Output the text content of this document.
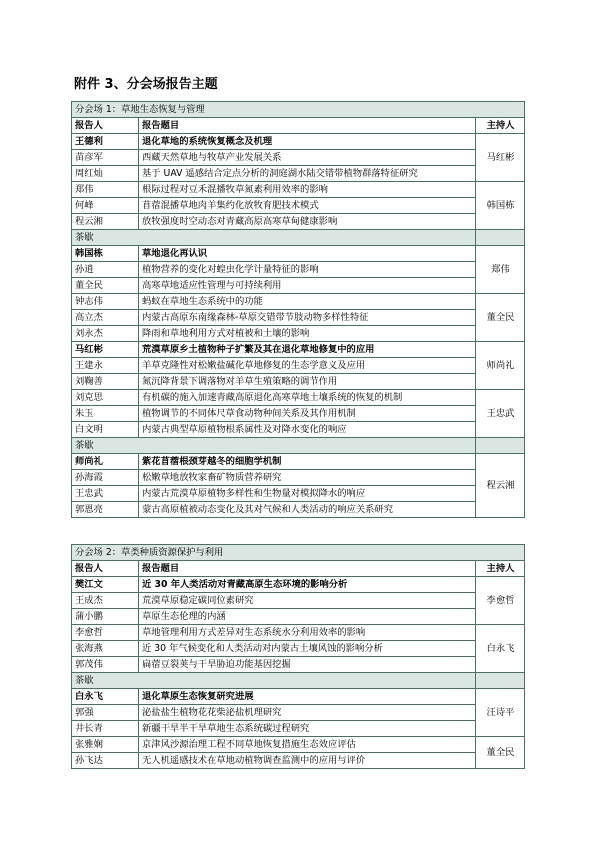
附件 3、分会场报告主题
分会场 1：草地生态恢复与管理		
报告人	报告题目	主持人
王德利	退化草地的系统恢复概念及机理	马红彬
苗彦军	西藏天然草地与牧草产业发展关系	
周红灿	基于 UAV 遥感结合定点分析的洞庭湖水陆交错带植物群落特征研究	
郑伟	根际过程对豆禾混播牧草氮素利用效率的影响	韩国栋
何峰	苜蓿混播草地肉羊集约化放牧育肥技术模式	
程云湘	放牧强度时空动态对青藏高原高寒草甸健康影响	
茶歇		
韩国栋	草地退化再认识	郑伟
孙逍	植物营养的变化对蝗虫化学计量特征的影响	
董全民	高寒草地适应性管理与可持续利用	
钟志伟	蚂蚁在草地生态系统中的功能	董全民
高立杰	内蒙古高原东南缘森林-草原交错带节肢动物多样性特征	
刘永杰	降雨和草地利用方式对植被和土壤的影响	
马红彬	荒漠草原乡土植物种子扩繁及其在退化草地修复中的应用	师尚礼
王建永	羊草克隆性对松嫩盐碱化草地修复的生态学意义及应用	
刘鞠善	氮沉降背景下调落物对羊草生殖策略的调节作用	
刘克思	有机碳的施入加速青藏高原退化高寒草地土壤系统的恢复的机制	王忠武
朱玉	植物调节的不同体尺草食动物种间关系及其作用机制	
白文明	内蒙古典型草原植物根系属性及对降水变化的响应	
茶歇		
师尚礼	紫花苜蓿根颈芽越冬的细胞学机制	程云湘
孙海霞	松嫩草地放牧家畜矿物质营养研究	
王忠武	内蒙古荒漠草原植物多样性和生物量对模拟降水的响应	
郭恩亮	蒙古高原植被动态变化及其对气候和人类活动的响应关系研究	
分会场 2：草类种质资源保护与利用		
报告人	报告题目	主持人
樊江文	近 30 年人类活动对青藏高原生态环境的影响分析	李愈哲
王成杰	荒漠草原稳定碳同位素研究	
蒲小鹏	草原生态伦理的内涵	
李愈哲	草地管理利用方式差异对生态系统水分利用效率的影响	白永飞
张海燕	近 30 年气候变化和人类活动对内蒙古土壤风蚀的影响分析	
郭茂伟	扁蓿豆裂荚与干旱胁迫功能基因挖掘	
茶歇		
白永飞	退化草原生态恢复研究进展	汪诗平
郭强	泌盐盐生植物花花柴泌盐机理研究	
井长青	新疆干旱半干旱草地生态系统碳过程研究	
张雅娴	京津风沙源治理工程不同草地恢复措施生态效应评估	董全民
孙飞达	无人机遥感技术在草地动植物调查监测中的应用与评价	
